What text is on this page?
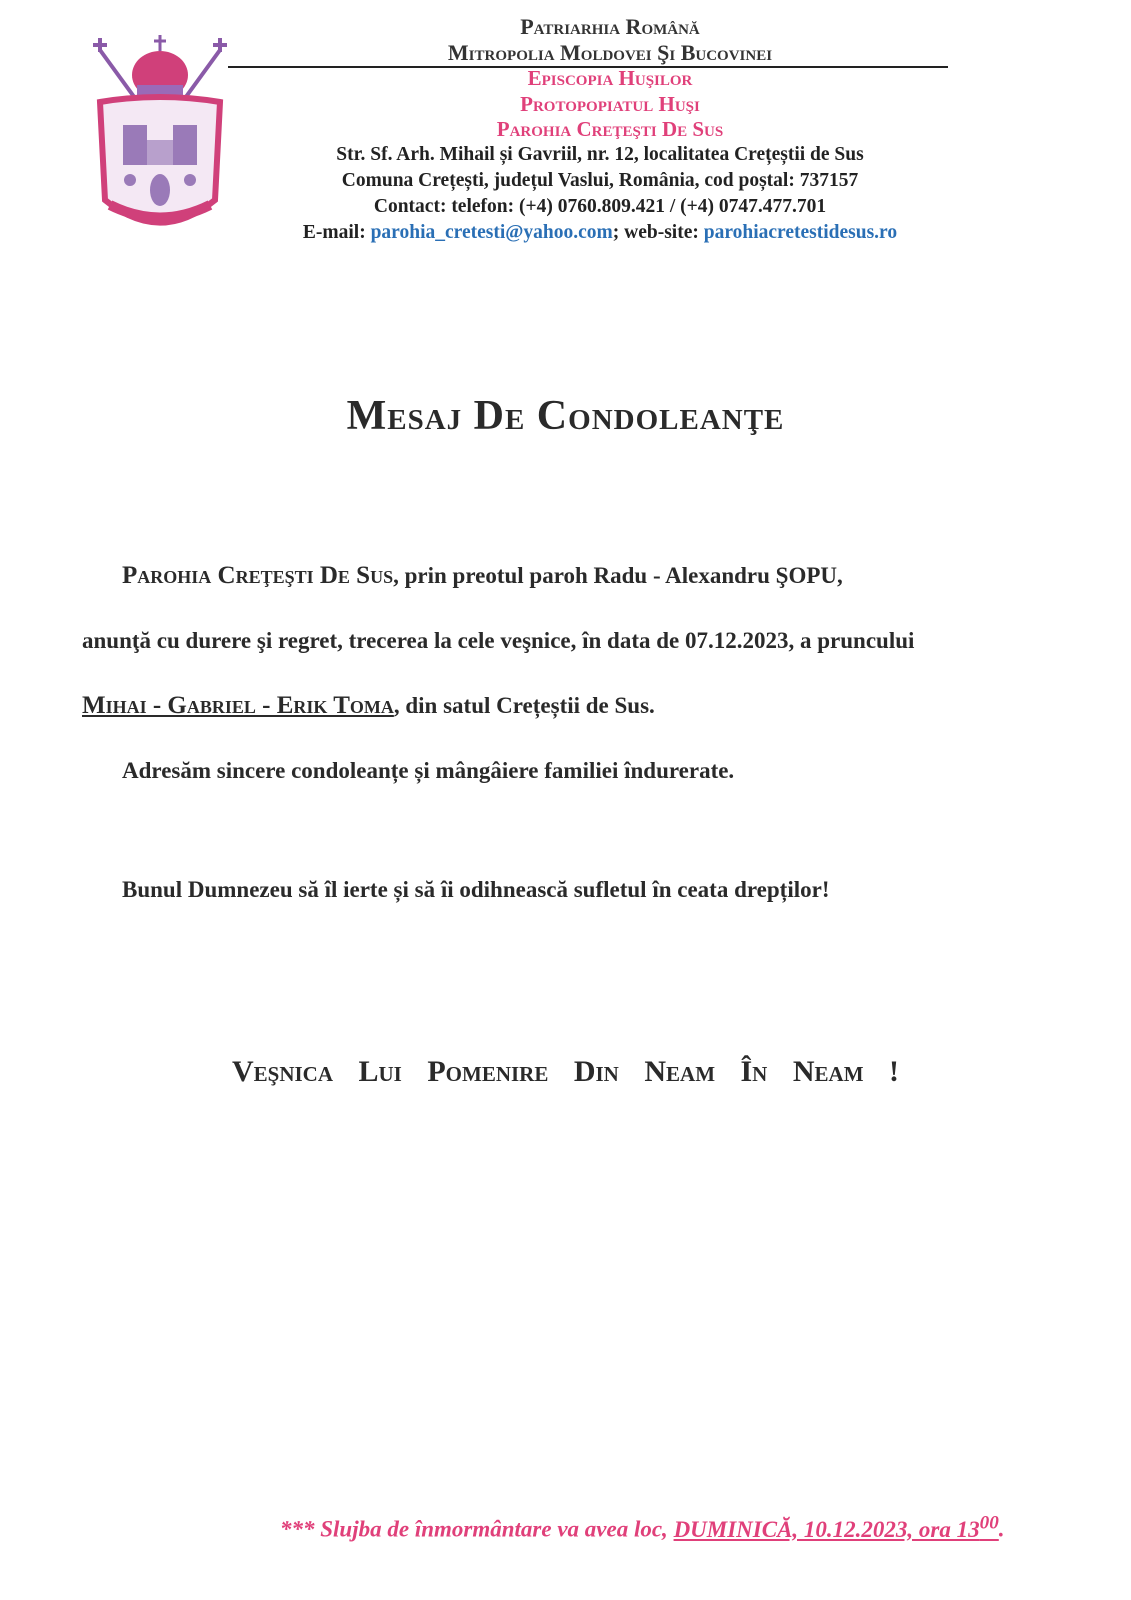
Patriarhia Română
Mitropolia Moldovei Şi Bucovinei
Episcopia Huşilor
Protopopiatul Huşi
Parohia Creţeşti De Sus
Str. Sf. Arh. Mihail și Gavriil, nr. 12, localitatea Crețeștii de Sus
Comuna Crețești, județul Vaslui, România, cod poștal: 737157
Contact: telefon: (+4) 0760.809.421 / (+4) 0747.477.701
E-mail: parohia_cretesti@yahoo.com; web-site: parohiacretestidesus.ro
Mesaj De Condoleanţe
Parohia Creţeşti De Sus, prin preotul paroh Radu - Alexandru ŞOPU,
anunţă cu durere şi regret, trecerea la cele veşnice, în data de 07.12.2023, a pruncului
Mihai - Gabriel - Erik Toma, din satul Crețeștii de Sus.
Adresăm sincere condoleanțe și mângâiere familiei îndurerate.
Bunul Dumnezeu să îl ierte și să îi odihnească sufletul în ceata drepților!
Veşnica Lui Pomenire Din Neam În Neam !
*** Slujba de înmormântare va avea loc, DUMINICĂ, 10.12.2023, ora $13^{00}$.
